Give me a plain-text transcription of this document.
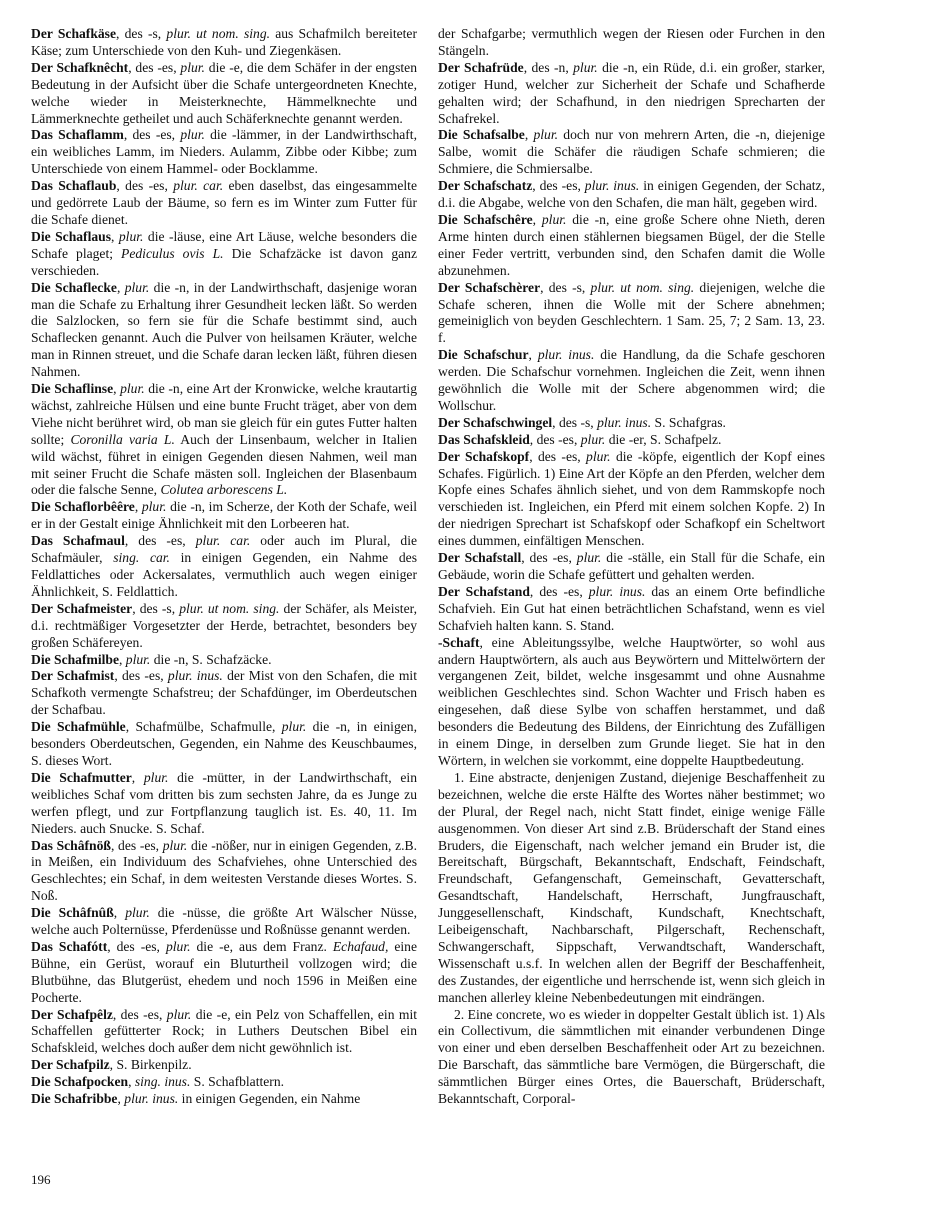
Der Schafkäse, des -s, plur. ut nom. sing. aus Schafmilch bereiteter Käse; zum Unterschiede von den Kuh- und Ziegenkäsen.

Der Schafknêcht, des -es, plur. die -e, die dem Schäfer in der engsten Bedeutung in der Aufsicht über die Schafe untergeordneten Knechte, welche wieder in Meisterknechte, Hämmelknechte und Lämmerknechte getheilet und auch Schäferknechte genannt werden.

Das Schaflamm, des -es, plur. die -lämmer, in der Landwirthschaft, ein weibliches Lamm, im Nieders. Aulamm, Zibbe oder Kibbe; zum Unterschiede von einem Hammel- oder Bocklamme.

Das Schaflaub, des -es, plur. car. eben daselbst, das eingesammelte und gedörrete Laub der Bäume, so fern es im Winter zum Futter für die Schafe dienet.

Die Schaflaus, plur. die -läuse, eine Art Läuse, welche besonders die Schafe plaget; Pediculus ovis L. Die Schafzäcke ist davon ganz verschieden.

Die Schaflecke, plur. die -n, in der Landwirthschaft, dasjenige woran man die Schafe zu Erhaltung ihrer Gesundheit lecken läßt. So werden die Salzlocken, so fern sie für die Schafe bestimmt sind, auch Schaflecken genannt. Auch die Pulver von heilsamen Kräuter, welche man in Rinnen streuet, und die Schafe daran lecken läßt, führen diesen Nahmen.

Die Schaflinse, plur. die -n, eine Art der Kronwicke, welche krautartig wächst, zahlreiche Hülsen und eine bunte Frucht träget, aber von dem Viehe nicht berühret wird, ob man sie gleich für ein gutes Futter halten sollte; Coronilla varia L. Auch der Linsenbaum, welcher in Italien wild wächst, führet in einigen Gegenden diesen Nahmen, weil man mit seiner Frucht die Schafe mästen soll. Ingleichen der Blasenbaum oder die falsche Senne, Colutea arborescens L.

Die Schaflorbêêre, plur. die -n, im Scherze, der Koth der Schafe, weil er in der Gestalt einige Ähnlichkeit mit den Lorbeeren hat.

Das Schafmaul, des -es, plur. car. oder auch im Plural, die Schafmäuler, sing. car. in einigen Gegenden, ein Nahme des Feldlattiches oder Ackersalates, vermuthlich auch wegen einiger Ähnlichkeit, S. Feldlattich.

Der Schafmeister, des -s, plur. ut nom. sing. der Schäfer, als Meister, d.i. rechtmäßiger Vorgesetzter der Herde, betrachtet, besonders bey großen Schäfereyen.

Die Schafmilbe, plur. die -n, S. Schafzäcke.

Der Schafmist, des -es, plur. inus. der Mist von den Schafen, die mit Schafkoth vermengte Schafstreu; der Schafdünger, im Oberdeutschen der Schafbau.

Die Schafmühle, Schafmülbe, Schafmulle, plur. die -n, in einigen, besonders Oberdeutschen, Gegenden, ein Nahme des Keuschbaumes, S. dieses Wort.

Die Schafmutter, plur. die -mütter, in der Landwirthschaft, ein weibliches Schaf vom dritten bis zum sechsten Jahre, da es Junge zu werfen pflegt, und zur Fortpflanzung tauglich ist. Es. 40, 11. Im Nieders. auch Snucke. S. Schaf.

Das Schâfnöß, des -es, plur. die -nößer, nur in einigen Gegenden, z.B. in Meißen, ein Individuum des Schafviehes, ohne Unterschied des Geschlechtes; ein Schaf, in dem weitesten Verstande dieses Wortes. S. Noß.

Die Schâfnûß, plur. die -nüsse, die größte Art Wälscher Nüsse, welche auch Polternüsse, Pferdenüsse und Roßnüsse genannt werden.

Das Schafótt, des -es, plur. die -e, aus dem Franz. Echafaud, eine Bühne, ein Gerüst, worauf ein Bluturtheil vollzogen wird; die Blutbühne, das Blutgerüst, ehedem und noch 1596 in Meißen eine Pocherte.

Der Schafpêlz, des -es, plur. die -e, ein Pelz von Schaffellen, ein mit Schaffellen gefütterter Rock; in Luthers Deutschen Bibel ein Schafskleid, welches doch außer dem nicht gewöhnlich ist.

Der Schafpilz, S. Birkenpilz.

Die Schafpocken, sing. inus. S. Schafblattern.

Die Schafribbe, plur. inus. in einigen Gegenden, ein Nahme

der Schafgarbe; vermuthlich wegen der Riesen oder Furchen in den Stängeln.

Der Schafrüde, des -n, plur. die -n, ein Rüde, d.i. ein großer, starker, zotiger Hund, welcher zur Sicherheit der Schafe und Schafherde gehalten wird; der Schafhund, in den niedrigen Sprecharten der Schafrekel.

Die Schafsalbe, plur. doch nur von mehrern Arten, die -n, diejenige Salbe, womit die Schäfer die räudigen Schafe schmieren; die Schmiere, die Schmiersalbe.

Der Schafschatz, des -es, plur. inus. in einigen Gegenden, der Schatz, d.i. die Abgabe, welche von den Schafen, die man hält, gegeben wird.

Die Schafschêre, plur. die -n, eine große Schere ohne Nieth, deren Arme hinten durch einen stählernen biegsamen Bügel, der die Stelle einer Feder vertritt, verbunden sind, den Schafen damit die Wolle abzunehmen.

Der Schafschèrer, des -s, plur. ut nom. sing. diejenigen, welche die Schafe scheren, ihnen die Wolle mit der Schere abnehmen; gemeiniglich von beyden Geschlechtern. 1 Sam. 25, 7; 2 Sam. 13, 23. f.

Die Schafschur, plur. inus. die Handlung, da die Schafe geschoren werden. Die Schafschur vornehmen. Ingleichen die Zeit, wenn ihnen gewöhnlich die Wolle mit der Schere abgenommen wird; die Wollschur.

Der Schafschwingel, des -s, plur. inus. S. Schafgras.

Das Schafskleid, des -es, plur. die -er, S. Schafpelz.

Der Schafskopf, des -es, plur. die -köpfe, eigentlich der Kopf eines Schafes. Figürlich. 1) Eine Art der Köpfe an den Pferden, welcher dem Kopfe eines Schafes ähnlich siehet, und von dem Rammskopfe noch verschieden ist. Ingleichen, ein Pferd mit einem solchen Kopfe. 2) In der niedrigen Sprechart ist Schafskopf oder Schafkopf ein Scheltwort eines dummen, einfältigen Menschen.

Der Schafstall, des -es, plur. die -ställe, ein Stall für die Schafe, ein Gebäude, worin die Schafe gefüttert und gehalten werden.

Der Schafstand, des -es, plur. inus. das an einem Orte befindliche Schafvieh. Ein Gut hat einen beträchtlichen Schafstand, wenn es viel Schafvieh halten kann. S. Stand.

-Schaft, eine Ableitungssylbe, welche Hauptwörter, so wohl aus andern Hauptwörtern, als auch aus Beywörtern und Mittelwörtern der vergangenen Zeit, bildet, welche insgesammt und ohne Ausnahme weiblichen Geschlechtes sind. Schon Wachter und Frisch haben es eingesehen, daß diese Sylbe von schaffen herstammet, und daß besonders die Bedeutung des Bildens, der Einrichtung des Zufälligen in einem Dinge, in derselben zum Grunde lieget. Sie hat in den Wörtern, in welchen sie vorkommt, eine doppelte Hauptbedeutung.

1. Eine abstracte, denjenigen Zustand, diejenige Beschaffenheit zu bezeichnen, welche die erste Hälfte des Wortes näher bestimmet; wo der Plural, der Regel nach, nicht Statt findet, einige wenige Fälle ausgenommen. Von dieser Art sind z.B. Brüderschaft der Stand eines Bruders, die Eigenschaft, nach welcher jemand ein Bruder ist, die Bereitschaft, Bürgschaft, Bekanntschaft, Endschaft, Feindschaft, Freundschaft, Gefangenschaft, Gemeinschaft, Gevatterschaft, Gesandtschaft, Handelschaft, Herrschaft, Jungfrauschaft, Junggesellenschaft, Kindschaft, Kundschaft, Knechtschaft, Leibeigenschaft, Nachbarschaft, Pilgerschaft, Rechenschaft, Schwangerschaft, Sippschaft, Verwandtschaft, Wanderschaft, Wissenschaft u.s.f. In welchen allen der Begriff der Beschaffenheit, des Zustandes, der eigentliche und herrschende ist, wenn sich gleich in manchen allerley kleine Nebenbedeutungen mit eindrängen.

2. Eine concrete, wo es wieder in doppelter Gestalt üblich ist. 1) Als ein Collectivum, die sämmtlichen mit einander verbundenen Dinge von einer und eben derselben Beschaffenheit oder Art zu bezeichnen. Die Barschaft, das sämmtliche bare Vermögen, die Bürgerschaft, die sämmtlichen Bürger eines Ortes, die Bauerschaft, Brüderschaft, Bekanntschaft, Corporal-

196
